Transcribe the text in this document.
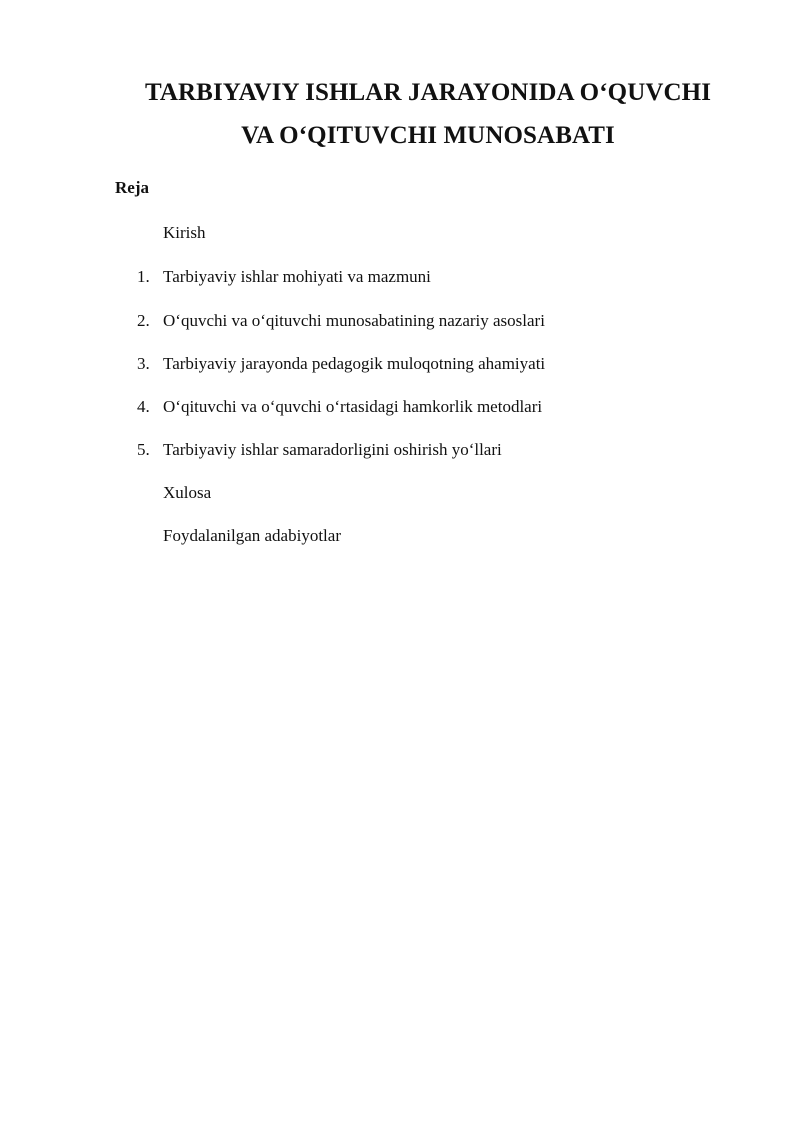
TARBIYAVIY ISHLAR JARAYONIDA O‘QUVCHI
VA O‘QITUVCHI MUNOSABATI
Reja
Kirish
1. Tarbiyaviy ishlar mohiyati va mazmuni
2. O‘quvchi va o‘qituvchi munosabatining nazariy asoslari
3. Tarbiyaviy jarayonda pedagogik muloqotning ahamiyati
4. O‘qituvchi va o‘quvchi o‘rtasidagi hamkorlik metodlari
5. Tarbiyaviy ishlar samaradorligini oshirish yo‘llari
Xulosa
Foydalanilgan adabiyotlar
